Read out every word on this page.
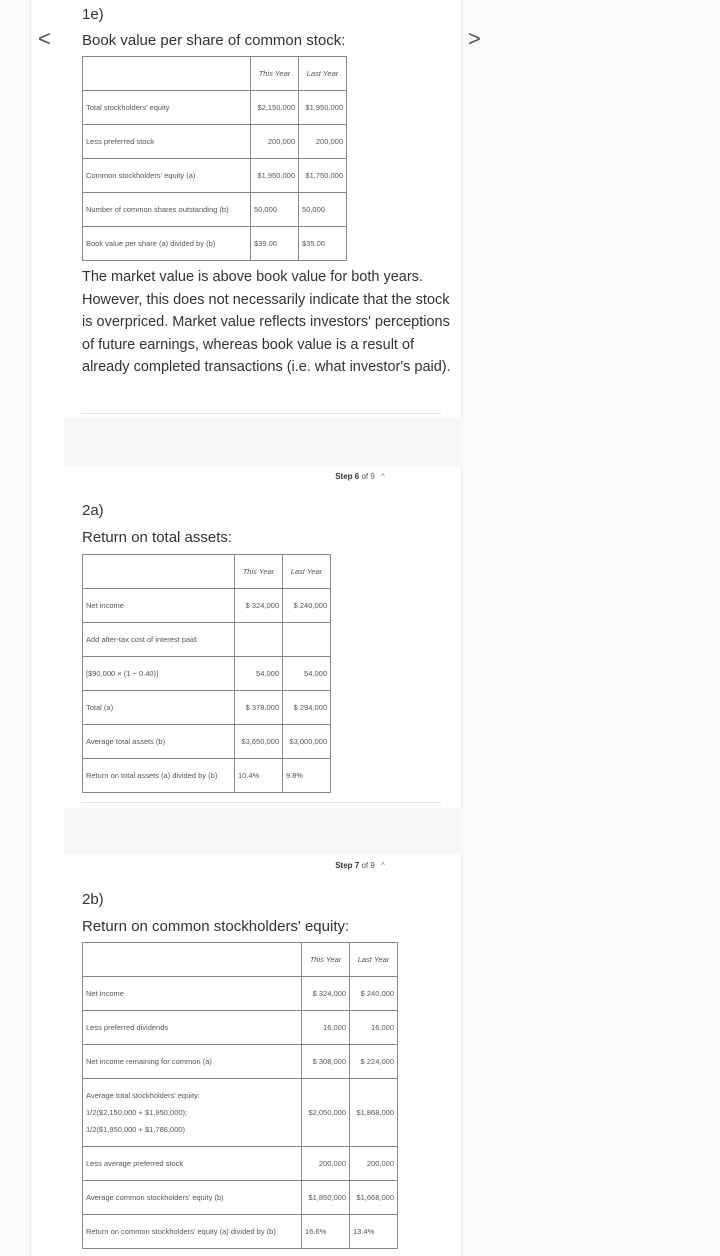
<	>
1e)
Book value per share of common stock:
	This Year	Last Year
Total stockholders' equity	$2,150,000	$1,950,000
Less preferred stock	200,000	200,000
Common stockholders' equity (a)	$1,950,000	$1,750,000
Number of common shares outstanding (b)	50,000	50,000
Book value per share (a) divided by (b)	$39.00	$35.00
The market value is above book value for both years. However, this does not necessarily indicate that the stock is overpriced. Market value reflects investors' perceptions of future earnings, whereas book value is a result of already completed transactions (i.e. what investor's paid).
Step 6 of 9 ^
2a)
Return on total assets:
	This Year	Last Year
Net income	$ 324,000	$ 240,000
Add after-tax cost of interest paid:		
[$90,000 × (1 − 0.40)]	54,000	54,000
Total (a)	$ 378,000	$ 294,000
Average total assets (b)	$3,650,000	$3,000,000
Return on total assets (a) divided by (b)	10.4%	9.8%
Step 7 of 9 ^
2b)
Return on common stockholders' equity:
	This Year	Last Year
Net income	$ 324,000	$ 240,000
Less preferred dividends	16,000	16,000
Net income remaining for common (a)	$ 308,000	$ 224,000

Average total stockholders' equity:
1/2($2,150,000 + $1,950,000);
1/2($1,950,000 + $1,786,000)	$2,050,000	$1,868,000
Less average preferred stock	200,000	200,000
Average common stockholders' equity (b)	$1,850,000	$1,668,000
Return on common stockholders' equity (a) divided by (b)	16.6%	13.4%
